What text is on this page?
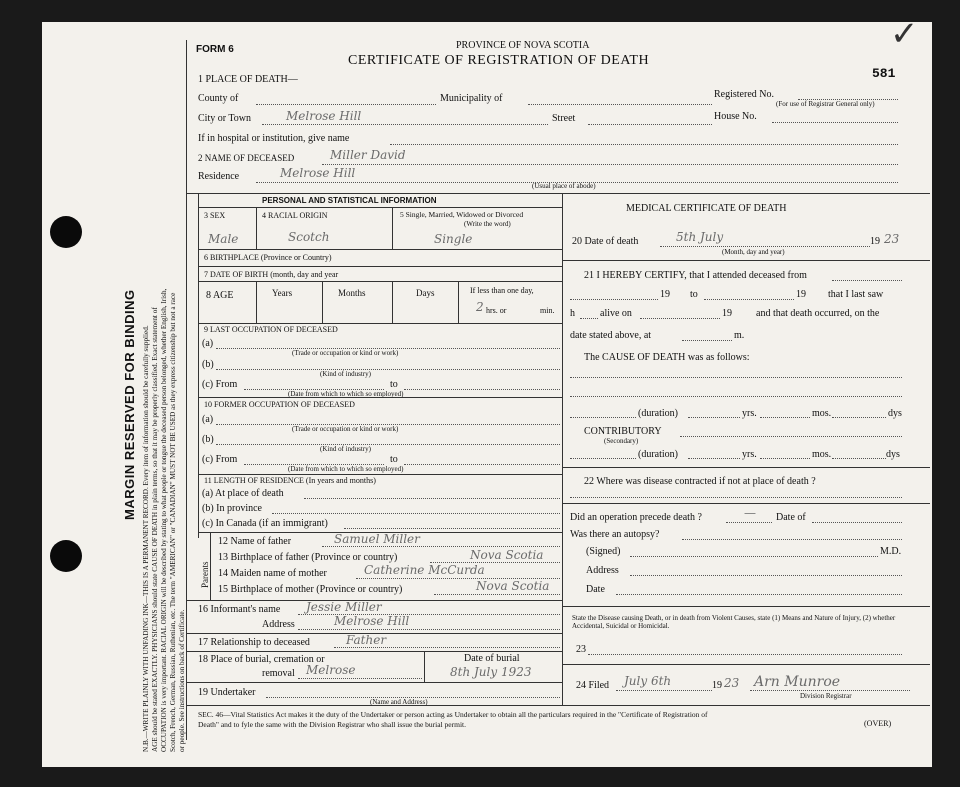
MARGIN RESERVED FOR BINDING N.B.—WRITE PLAINLY WITH UNFADING INK—THIS IS A PERMANENT RECORD. Every item of information should be carefully supplied. AGE should be stated EXACTLY. PHYSICIANS should state CAUSE OF DEATH in plain terms, so that it may be properly classified. Exact statement of OCCUPATION is very important. RACIAL ORIGIN will be described by stating to what people or tongue the deceased person belonged, whether English, Irish, Scotch, French, German, Russian, Ruthenian, etc. The term "AMERICAN" or "CANADIAN" MUST NOT BE USED as they express citizenship but not a race or people. See instructions on back of Certificate.
FORM 6	PROVINCE OF NOVA SCOTIA
CERTIFICATE OF REGISTRATION OF DEATH
581
✓
1 PLACE OF DEATH—
County of	Municipality of	Registered No.
(For use of Registrar General only)
City or Town	Melrose Hill	Street	House No.
If in hospital or institution, give name
2 NAME OF DECEASED	Miller David
Residence	Melrose Hill
(Usual place of abode)
PERSONAL AND STATISTICAL INFORMATION
3 SEX	4 RACIAL ORIGIN	5 Single, Married, Widowed or Divorced
(Write the word)
Male	Scotch	Single
6 BIRTHPLACE (Province or Country)
7 DATE OF BIRTH (month, day and year
8 AGE	Years	Months	Days	If less than one day,
2 hrs. or	min.
9 LAST OCCUPATION OF DECEASED
(a)
(Trade or occupation or kind or work)
(b)
(Kind of industry)
(c) From	to
(Date from which to which so employed)
10 FORMER OCCUPATION OF DECEASED
(a)
(Trade or occupation or kind or work)
(b)
(Kind of industry)
(c) From	to
(Date from which to which so employed)
11 LENGTH OF RESIDENCE (In years and months)
(a) At place of death
(b) In province
(c) In Canada (if an immigrant)
Parents
12 Name of father	Samuel Miller
13 Birthplace of father (Province or country)	Nova Scotia
14 Maiden name of mother	Catherine McCurda
15 Birthplace of mother (Province or country)	Nova Scotia
16 Informant's name Jessie Miller
Address	Melrose Hill
17 Relationship to deceased	Father
18 Place of burial, cremation or
removal Melrose
Date of burial
8th July 1923
19 Undertaker
(Name and Address)
MEDICAL CERTIFICATE OF DEATH
20 Date of death	5th July	19 23
(Month, day and year)
21 I HEREBY CERTIFY, that I attended deceased from
19 to	19 that I last saw
h	alive on	19 and that death occurred, on the
date stated above, at	m.
The CAUSE OF DEATH was as follows:
(duration)	yrs.	mos.	dys
CONTRIBUTORY
(Secondary)
(duration)	yrs.	mos.	dys
22 Where was disease contracted if not at place of death ?
Did an operation precede death ?	— Date of
Was there an autopsy?
(Signed)	M.D.
Address
Date
State the Disease causing Death, or in death from Violent Causes, state (1) Means and Nature of Injury, (2) whether Accidental, Suicidal or Homicidal.
23
24 Filed July 6th	19 23 Arn Munroe
Division Registrar
SEC. 46—Vital Statistics Act makes it the duty of the Undertaker or person acting as Undertaker to obtain all the particulars required in the "Certificate of Registration of
Death" and to fyle the same with the Division Registrar who shall issue the burial permit.	(OVER)
